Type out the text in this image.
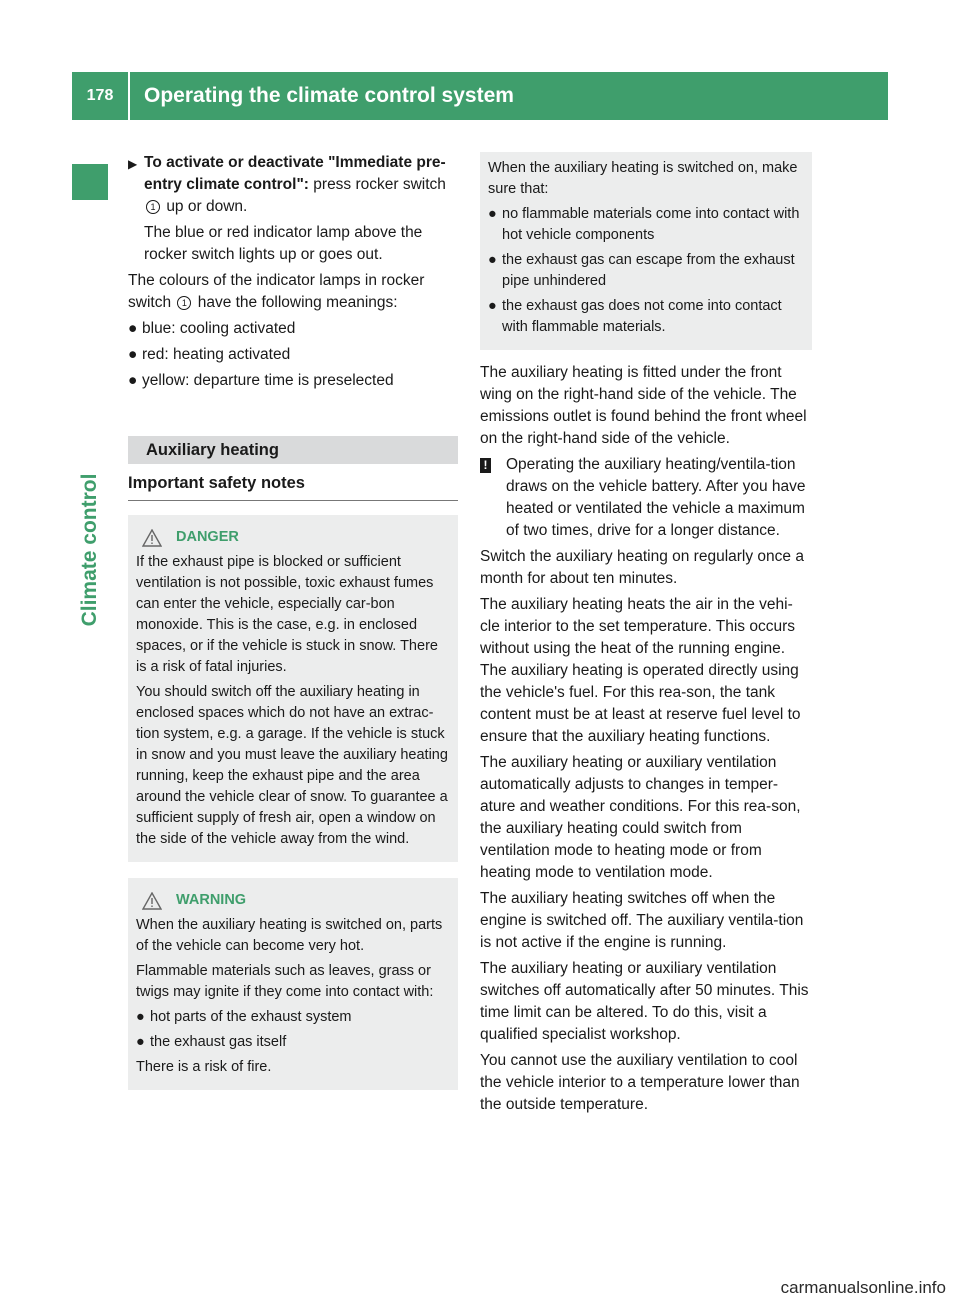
178	Operating the climate control system
Climate control
▶ To activate or deactivate "Immediate pre-entry climate control": press rocker switch 1 up or down.

The blue or red indicator lamp above the rocker switch lights up or goes out.

The colours of the indicator lamps in rocker switch 1 have the following meanings:

● blue: cooling activated
● red: heating activated
● yellow: departure time is preselected
Auxiliary heating
Important safety notes
DANGER

If the exhaust pipe is blocked or sufficient ventilation is not possible, toxic exhaust fumes can enter the vehicle, especially car-bon monoxide. This is the case, e.g. in enclosed spaces, or if the vehicle is stuck in snow. There is a risk of fatal injuries.

You should switch off the auxiliary heating in enclosed spaces which do not have an extrac-tion system, e.g. a garage. If the vehicle is stuck in snow and you must leave the auxiliary heating running, keep the exhaust pipe and the area around the vehicle clear of snow. To guarantee a sufficient supply of fresh air, open a window on the side of the vehicle away from the wind.

WARNING

When the auxiliary heating is switched on, parts of the vehicle can become very hot.

Flammable materials such as leaves, grass or twigs may ignite if they come into contact with:

● hot parts of the exhaust system
● the exhaust gas itself

There is a risk of fire.

When the auxiliary heating is switched on, make sure that:

● no flammable materials come into contact with hot vehicle components
● the exhaust gas can escape from the exhaust pipe unhindered
● the exhaust gas does not come into contact with flammable materials.

The auxiliary heating is fitted under the front wing on the right-hand side of the vehicle. The emissions outlet is found behind the front wheel on the right-hand side of the vehicle.

!	Operating the auxiliary heating/ventila-tion draws on the vehicle battery. After you have heated or ventilated the vehicle a maximum of two times, drive for a longer distance.

Switch the auxiliary heating on regularly once a month for about ten minutes.

The auxiliary heating heats the air in the vehi-cle interior to the set temperature. This occurs without using the heat of the running engine. The auxiliary heating is operated directly using the vehicle's fuel. For this rea-son, the tank content must be at least at reserve fuel level to ensure that the auxiliary heating functions.

The auxiliary heating or auxiliary ventilation automatically adjusts to changes in temper-ature and weather conditions. For this rea-son, the auxiliary heating could switch from ventilation mode to heating mode or from heating mode to ventilation mode.

The auxiliary heating switches off when the engine is switched off. The auxiliary ventila-tion is not active if the engine is running.

The auxiliary heating or auxiliary ventilation switches off automatically after 50 minutes. This time limit can be altered. To do this, visit a qualified specialist workshop.

You cannot use the auxiliary ventilation to cool the vehicle interior to a temperature lower than the outside temperature.

carmanualsonline.info
